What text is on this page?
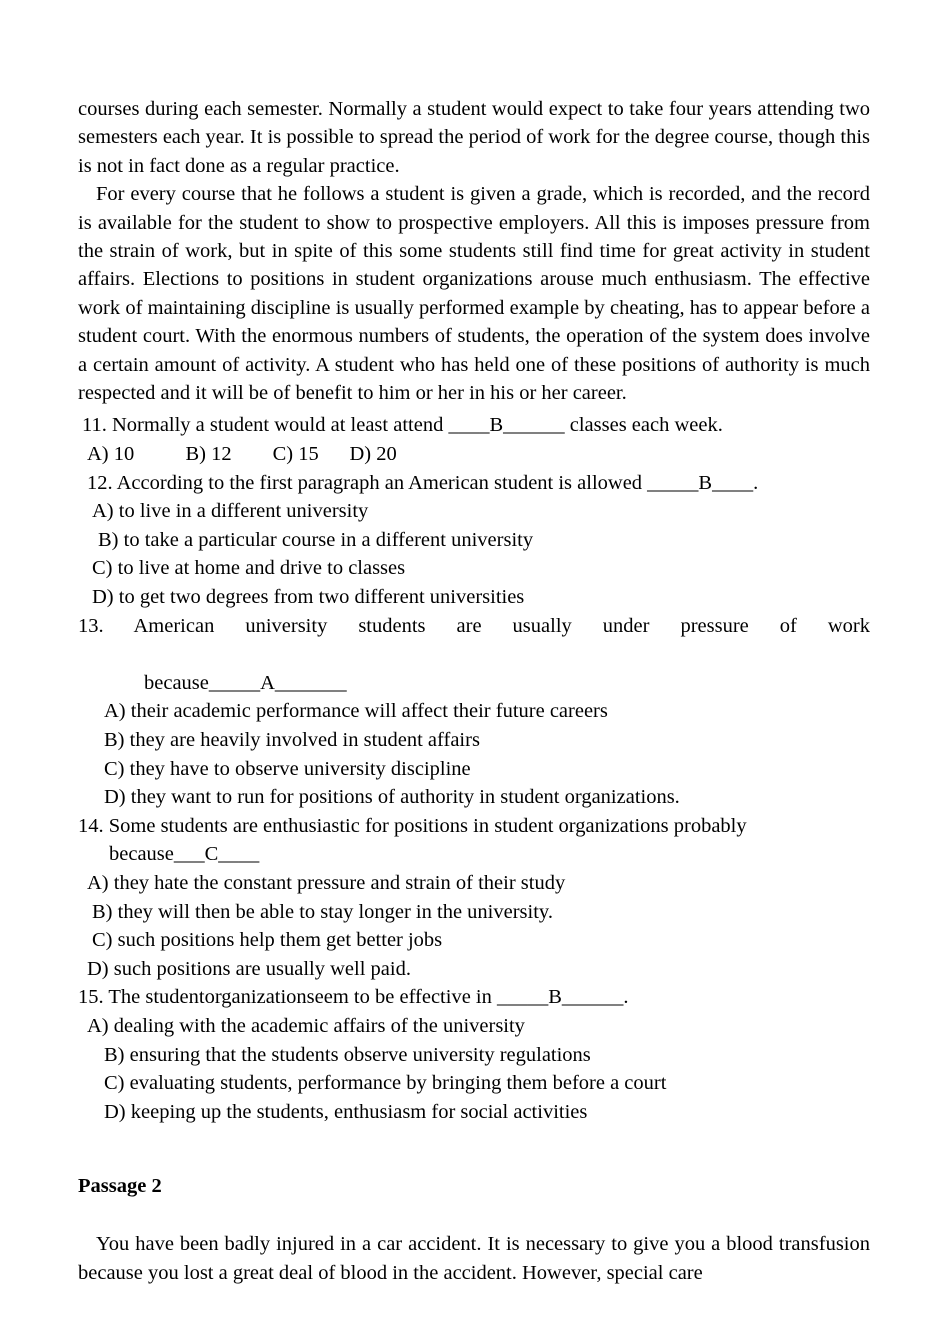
courses during each semester. Normally a student would expect to take four years attending two semesters each year. It is possible to spread the period of work for the degree course, though this is not in fact done as a regular practice.

For every course that he follows a student is given a grade, which is recorded, and the record is available for the student to show to prospective employers. All this is imposes pressure from the strain of work, but in spite of this some students still find time for great activity in student affairs. Elections to positions in student organizations arouse much enthusiasm. The effective work of maintaining discipline is usually performed example by cheating, has to appear before a student court. With the enormous numbers of students, the operation of the system does involve a certain amount of activity. A student who has held one of these positions of authority is much respected and it will be of benefit to him or her in his or her career.

11. Normally a student would at least attend ____B______ classes each week.
A) 10          B) 12        C) 15      D) 20
12. According to the first paragraph an American student is allowed _____B____.
A) to live in a different university
B) to take a particular course in a different university
C) to live at home and drive to classes
D) to get two degrees from two different universities
13. American university students are usually under pressure of work
because_____A_______
A) their academic performance will affect their future careers
B) they are heavily involved in student affairs
C) they have to observe university discipline
D) they want to run for positions of authority in student organizations.
14. Some students are enthusiastic for positions in student organizations probably
because___C____
A) they hate the constant pressure and strain of their study
B) they will then be able to stay longer in the university.
C) such positions help them get better jobs
D) such positions are usually well paid.
15. The studentorganizationseem to be effective in _____B______.
A) dealing with the academic affairs of the university
B) ensuring that the students observe university regulations
C) evaluating students, performance by bringing them before a court
D) keeping up the students, enthusiasm for social activities

Passage 2

You have been badly injured in a car accident. It is necessary to give you a blood transfusion because you lost a great deal of blood in the accident. However, special care
